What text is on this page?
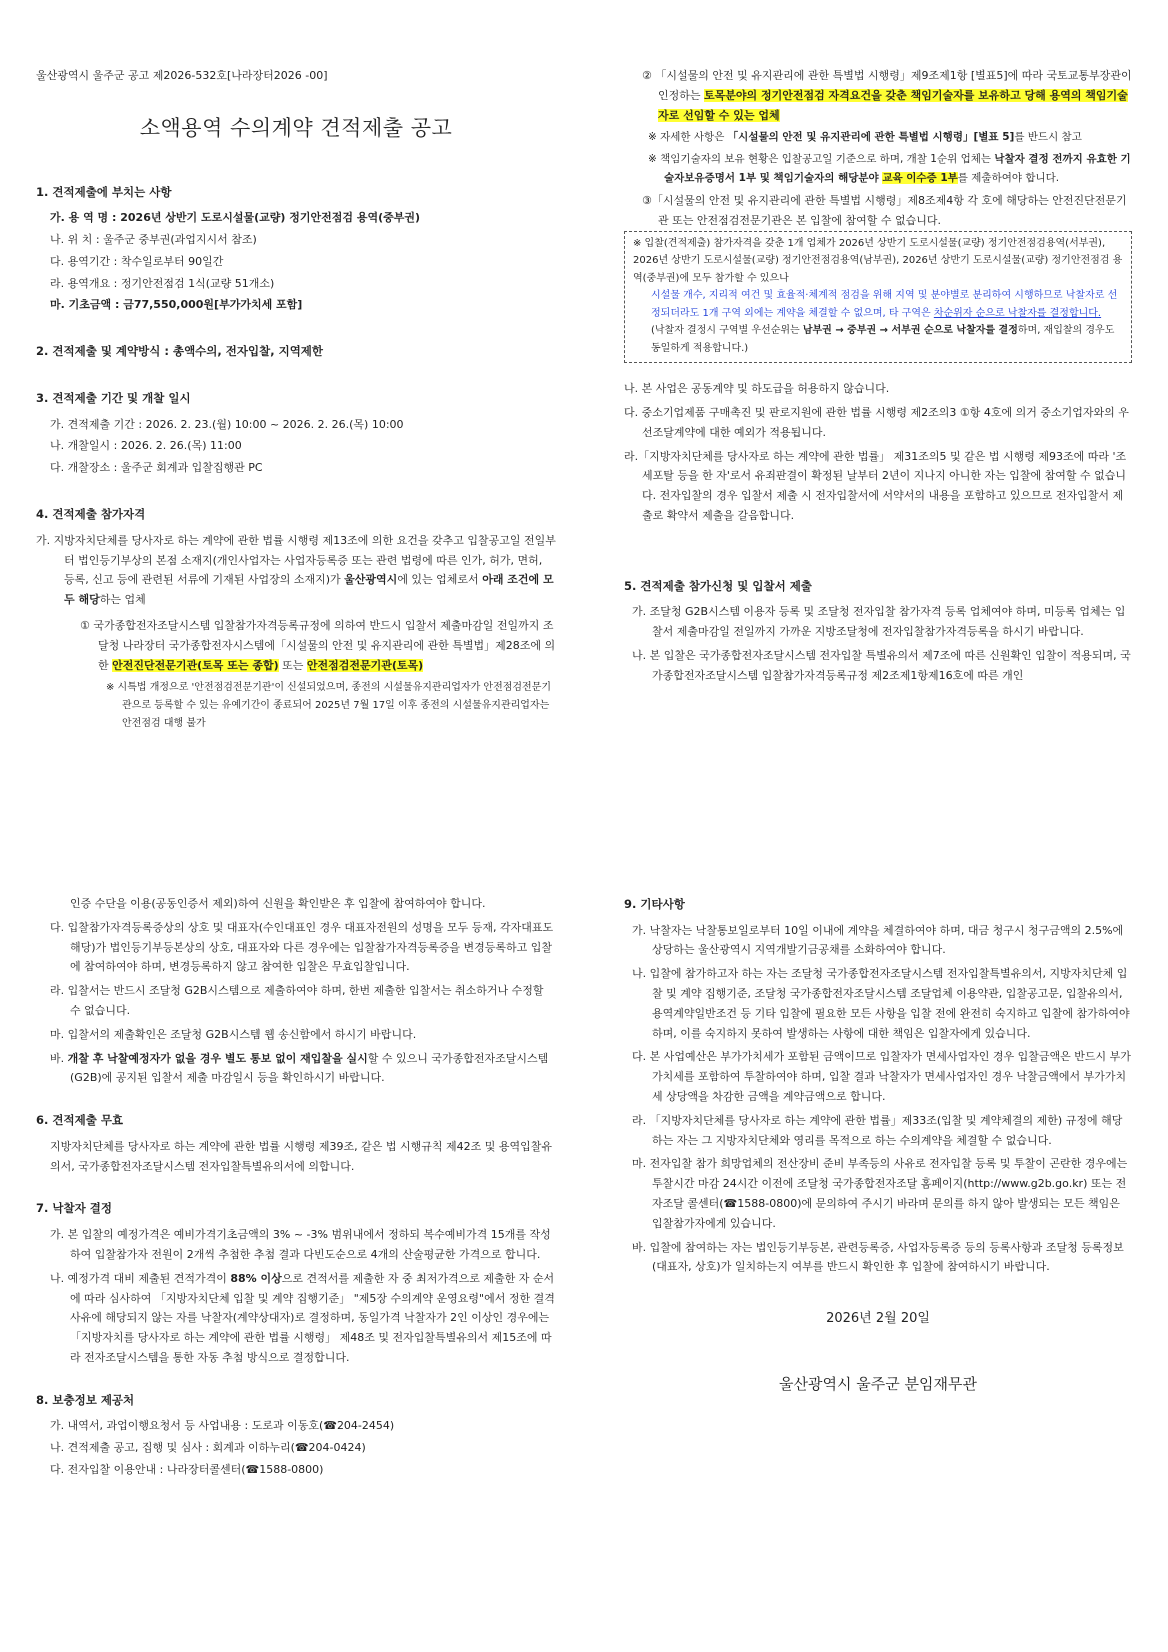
울산광역시 울주군 공고 제2026-532호[나라장터2026 -00]

소액용역 수의계약 견적제출 공고

1. 견적제출에 부치는 사항

가. 용 역 명 : 2026년 상반기 도로시설물(교량) 정기안전점검 용역(중부권)

나. 위 치 : 울주군 중부권(과업지시서 참조)

다. 용역기간 : 착수일로부터 90일간

라. 용역개요 : 정기안전점검 1식(교량 51개소)

마. 기초금액 : 금77,550,000원[부가가치세 포함]

2. 견적제출 및 계약방식 : 총액수의, 전자입찰, 지역제한

3. 견적제출 기간 및 개찰 일시

가. 견적제출 기간 : 2026. 2. 23.(월) 10:00 ~ 2026. 2. 26.(목) 10:00

나. 개찰일시 : 2026. 2. 26.(목) 11:00

다. 개찰장소 : 울주군 회계과 입찰집행관 PC

4. 견적제출 참가자격

가. 지방자치단체를 당사자로 하는 계약에 관한 법률 시행령 제13조에 의한 요건을 갖추고 입찰공고일 전일부터 법인등기부상의 본점 소재지(개인사업자는 사업자등록증 또는 관련 법령에 따른 인가, 허가, 면허, 등록, 신고 등에 관련된 서류에 기재된 사업장의 소재지)가 울산광역시에 있는 업체로서 아래 조건에 모두 해당하는 업체

① 국가종합전자조달시스템 입찰참가자격등록규정에 의하여 반드시 입찰서 제출마감일 전일까지 조달청 나라장터 국가종합전자시스템에「시설물의 안전 및 유지관리에 관한 특별법」제28조에 의한 안전진단전문기관(토목 또는 종합) 또는 안전점검전문기관(토목)

※ 시특법 개정으로 '안전점검전문기관'이 신설되었으며, 종전의 시설물유지관리업자가 안전점검전문기관으로 등록할 수 있는 유예기간이 종료되어 2025년 7월 17일 이후 종전의 시설물유지관리업자는 안전점검 대행 불가

② 「시설물의 안전 및 유지관리에 관한 특별법 시행령」제9조제1항 [별표5]에 따라 국토교통부장관이 인정하는 토목분야의 정기안전점검 자격요건을 갖춘 책임기술자를 보유하고 당해 용역의 책임기술자로 선임할 수 있는 업체

※ 자세한 사항은 「시설물의 안전 및 유지관리에 관한 특별법 시행령」[별표 5]를 반드시 참고

※ 책임기술자의 보유 현황은 입찰공고일 기준으로 하며, 개찰 1순위 업체는 낙찰자 결정 전까지 유효한 기술자보유증명서 1부 및 책임기술자의 해당분야 교육 이수증 1부를 제출하여야 합니다.

③「시설물의 안전 및 유지관리에 관한 특별법 시행령」제8조제4항 각 호에 해당하는 안전진단전문기관 또는 안전점검전문기관은 본 입찰에 참여할 수 없습니다.

※ 입찰(견적제출) 참가자격을 갖춘 1개 업체가 2026년 상반기 도로시설물(교량) 정기안전점검용역(서부권), 2026년 상반기 도로시설물(교량) 정기안전점검용역(남부권), 2026년 상반기 도로시설물(교량) 정기안전점검 용역(중부권)에 모두 참가할 수 있으나

시설물 개수, 지리적 여건 및 효율적·체계적 점검을 위해 지역 및 분야별로 분리하여 시행하므로 낙찰자로 선정되더라도 1개 구역 외에는 계약을 체결할 수 없으며, 타 구역은 차순위자 순으로 낙찰자를 결정합니다.

(낙찰자 결정시 구역별 우선순위는 남부권 → 중부권 → 서부권 순으로 낙찰자를 결정하며, 재입찰의 경우도 동일하게 적용합니다.)

나. 본 사업은 공동계약 및 하도급을 허용하지 않습니다.

다. 중소기업제품 구매촉진 및 판로지원에 관한 법률 시행령 제2조의3 ①항 4호에 의거 중소기업자와의 우선조달계약에 대한 예외가 적용됩니다.

라.「지방자치단체를 당사자로 하는 계약에 관한 법률」 제31조의5 및 같은 법 시행령 제93조에 따라 '조세포탈 등을 한 자'로서 유죄판결이 확정된 날부터 2년이 지나지 아니한 자는 입찰에 참여할 수 없습니다. 전자입찰의 경우 입찰서 제출 시 전자입찰서에 서약서의 내용을 포함하고 있으므로 전자입찰서 제출로 확약서 제출을 갈음합니다.

5. 견적제출 참가신청 및 입찰서 제출

가. 조달청 G2B시스템 이용자 등록 및 조달청 전자입찰 참가자격 등록 업체여야 하며, 미등록 업체는 입찰서 제출마감일 전일까지 가까운 지방조달청에 전자입찰참가자격등록을 하시기 바랍니다.

나. 본 입찰은 국가종합전자조달시스템 전자입찰 특별유의서 제7조에 따른 신원확인 입찰이 적용되며, 국가종합전자조달시스템 입찰참가자격등록규정 제2조제1항제16호에 따른 개인

인증 수단을 이용(공동인증서 제외)하여 신원을 확인받은 후 입찰에 참여하여야 합니다.

다. 입찰참가자격등록증상의 상호 및 대표자(수인대표인 경우 대표자전원의 성명을 모두 등재, 각자대표도 해당)가 법인등기부등본상의 상호, 대표자와 다른 경우에는 입찰참가자격등록증을 변경등록하고 입찰에 참여하여야 하며, 변경등록하지 않고 참여한 입찰은 무효입찰입니다.

라. 입찰서는 반드시 조달청 G2B시스템으로 제출하여야 하며, 한번 제출한 입찰서는 취소하거나 수정할 수 없습니다.

마. 입찰서의 제출확인은 조달청 G2B시스템 웹 송신함에서 하시기 바랍니다.

바. 개찰 후 낙찰예정자가 없을 경우 별도 통보 없이 재입찰을 실시할 수 있으니 국가종합전자조달시스템(G2B)에 공지된 입찰서 제출 마감일시 등을 확인하시기 바랍니다.

6. 견적제출 무효

지방자치단체를 당사자로 하는 계약에 관한 법률 시행령 제39조, 같은 법 시행규칙 제42조 및 용역입찰유의서, 국가종합전자조달시스템 전자입찰특별유의서에 의합니다.

7. 낙찰자 결정

가. 본 입찰의 예정가격은 예비가격기초금액의 3% ~ -3% 범위내에서 정하되 복수예비가격 15개를 작성하여 입찰참가자 전원이 2개씩 추첨한 추첨 결과 다빈도순으로 4개의 산술평균한 가격으로 합니다.

나. 예정가격 대비 제출된 견적가격이 88% 이상으로 견적서를 제출한 자 중 최저가격으로 제출한 자 순서에 따라 심사하여 「지방자치단체 입찰 및 계약 집행기준」 "제5장 수의계약 운영요령"에서 정한 결격사유에 해당되지 않는 자를 낙찰자(계약상대자)로 결정하며, 동일가격 낙찰자가 2인 이상인 경우에는 「지방자치를 당사자로 하는 계약에 관한 법률 시행령」 제48조 및 전자입찰특별유의서 제15조에 따라 전자조달시스템을 통한 자동 추첨 방식으로 결정합니다.

8. 보충정보 제공처

가. 내역서, 과업이행요청서 등 사업내용 : 도로과 이동호(☎204-2454)

나. 견적제출 공고, 집행 및 심사 : 회계과 이하누리(☎204-0424)

다. 전자입찰 이용안내 : 나라장터콜센터(☎1588-0800)

9. 기타사항

가. 낙찰자는 낙찰통보일로부터 10일 이내에 계약을 체결하여야 하며, 대금 청구시 청구금액의 2.5%에 상당하는 울산광역시 지역개발기금공채를 소화하여야 합니다.

나. 입찰에 참가하고자 하는 자는 조달청 국가종합전자조달시스템 전자입찰특별유의서, 지방자치단체 입찰 및 계약 집행기준, 조달청 국가종합전자조달시스템 조달업체 이용약관, 입찰공고문, 입찰유의서, 용역계약일반조건 등 기타 입찰에 필요한 모든 사항을 입찰 전에 완전히 숙지하고 입찰에 참가하여야 하며, 이를 숙지하지 못하여 발생하는 사항에 대한 책임은 입찰자에게 있습니다.

다. 본 사업예산은 부가가치세가 포함된 금액이므로 입찰자가 면세사업자인 경우 입찰금액은 반드시 부가가치세를 포함하여 투찰하여야 하며, 입찰 결과 낙찰자가 면세사업자인 경우 낙찰금액에서 부가가치세 상당액을 차감한 금액을 계약금액으로 합니다.

라. 「지방자치단체를 당사자로 하는 계약에 관한 법률」제33조(입찰 및 계약체결의 제한) 규정에 해당하는 자는 그 지방자치단체와 영리를 목적으로 하는 수의계약을 체결할 수 없습니다.

마. 전자입찰 참가 희망업체의 전산장비 준비 부족등의 사유로 전자입찰 등록 및 투찰이 곤란한 경우에는 투찰시간 마감 24시간 이전에 조달청 국가종합전자조달 홈페이지(http://www.g2b.go.kr) 또는 전자조달 콜센터(☎1588-0800)에 문의하여 주시기 바라며 문의를 하지 않아 발생되는 모든 책임은 입찰참가자에게 있습니다.

바. 입찰에 참여하는 자는 법인등기부등본, 관련등록증, 사업자등록증 등의 등록사항과 조달청 등록정보(대표자, 상호)가 일치하는지 여부를 반드시 확인한 후 입찰에 참여하시기 바랍니다.

2026년 2월 20일

울산광역시 울주군 분임재무관
